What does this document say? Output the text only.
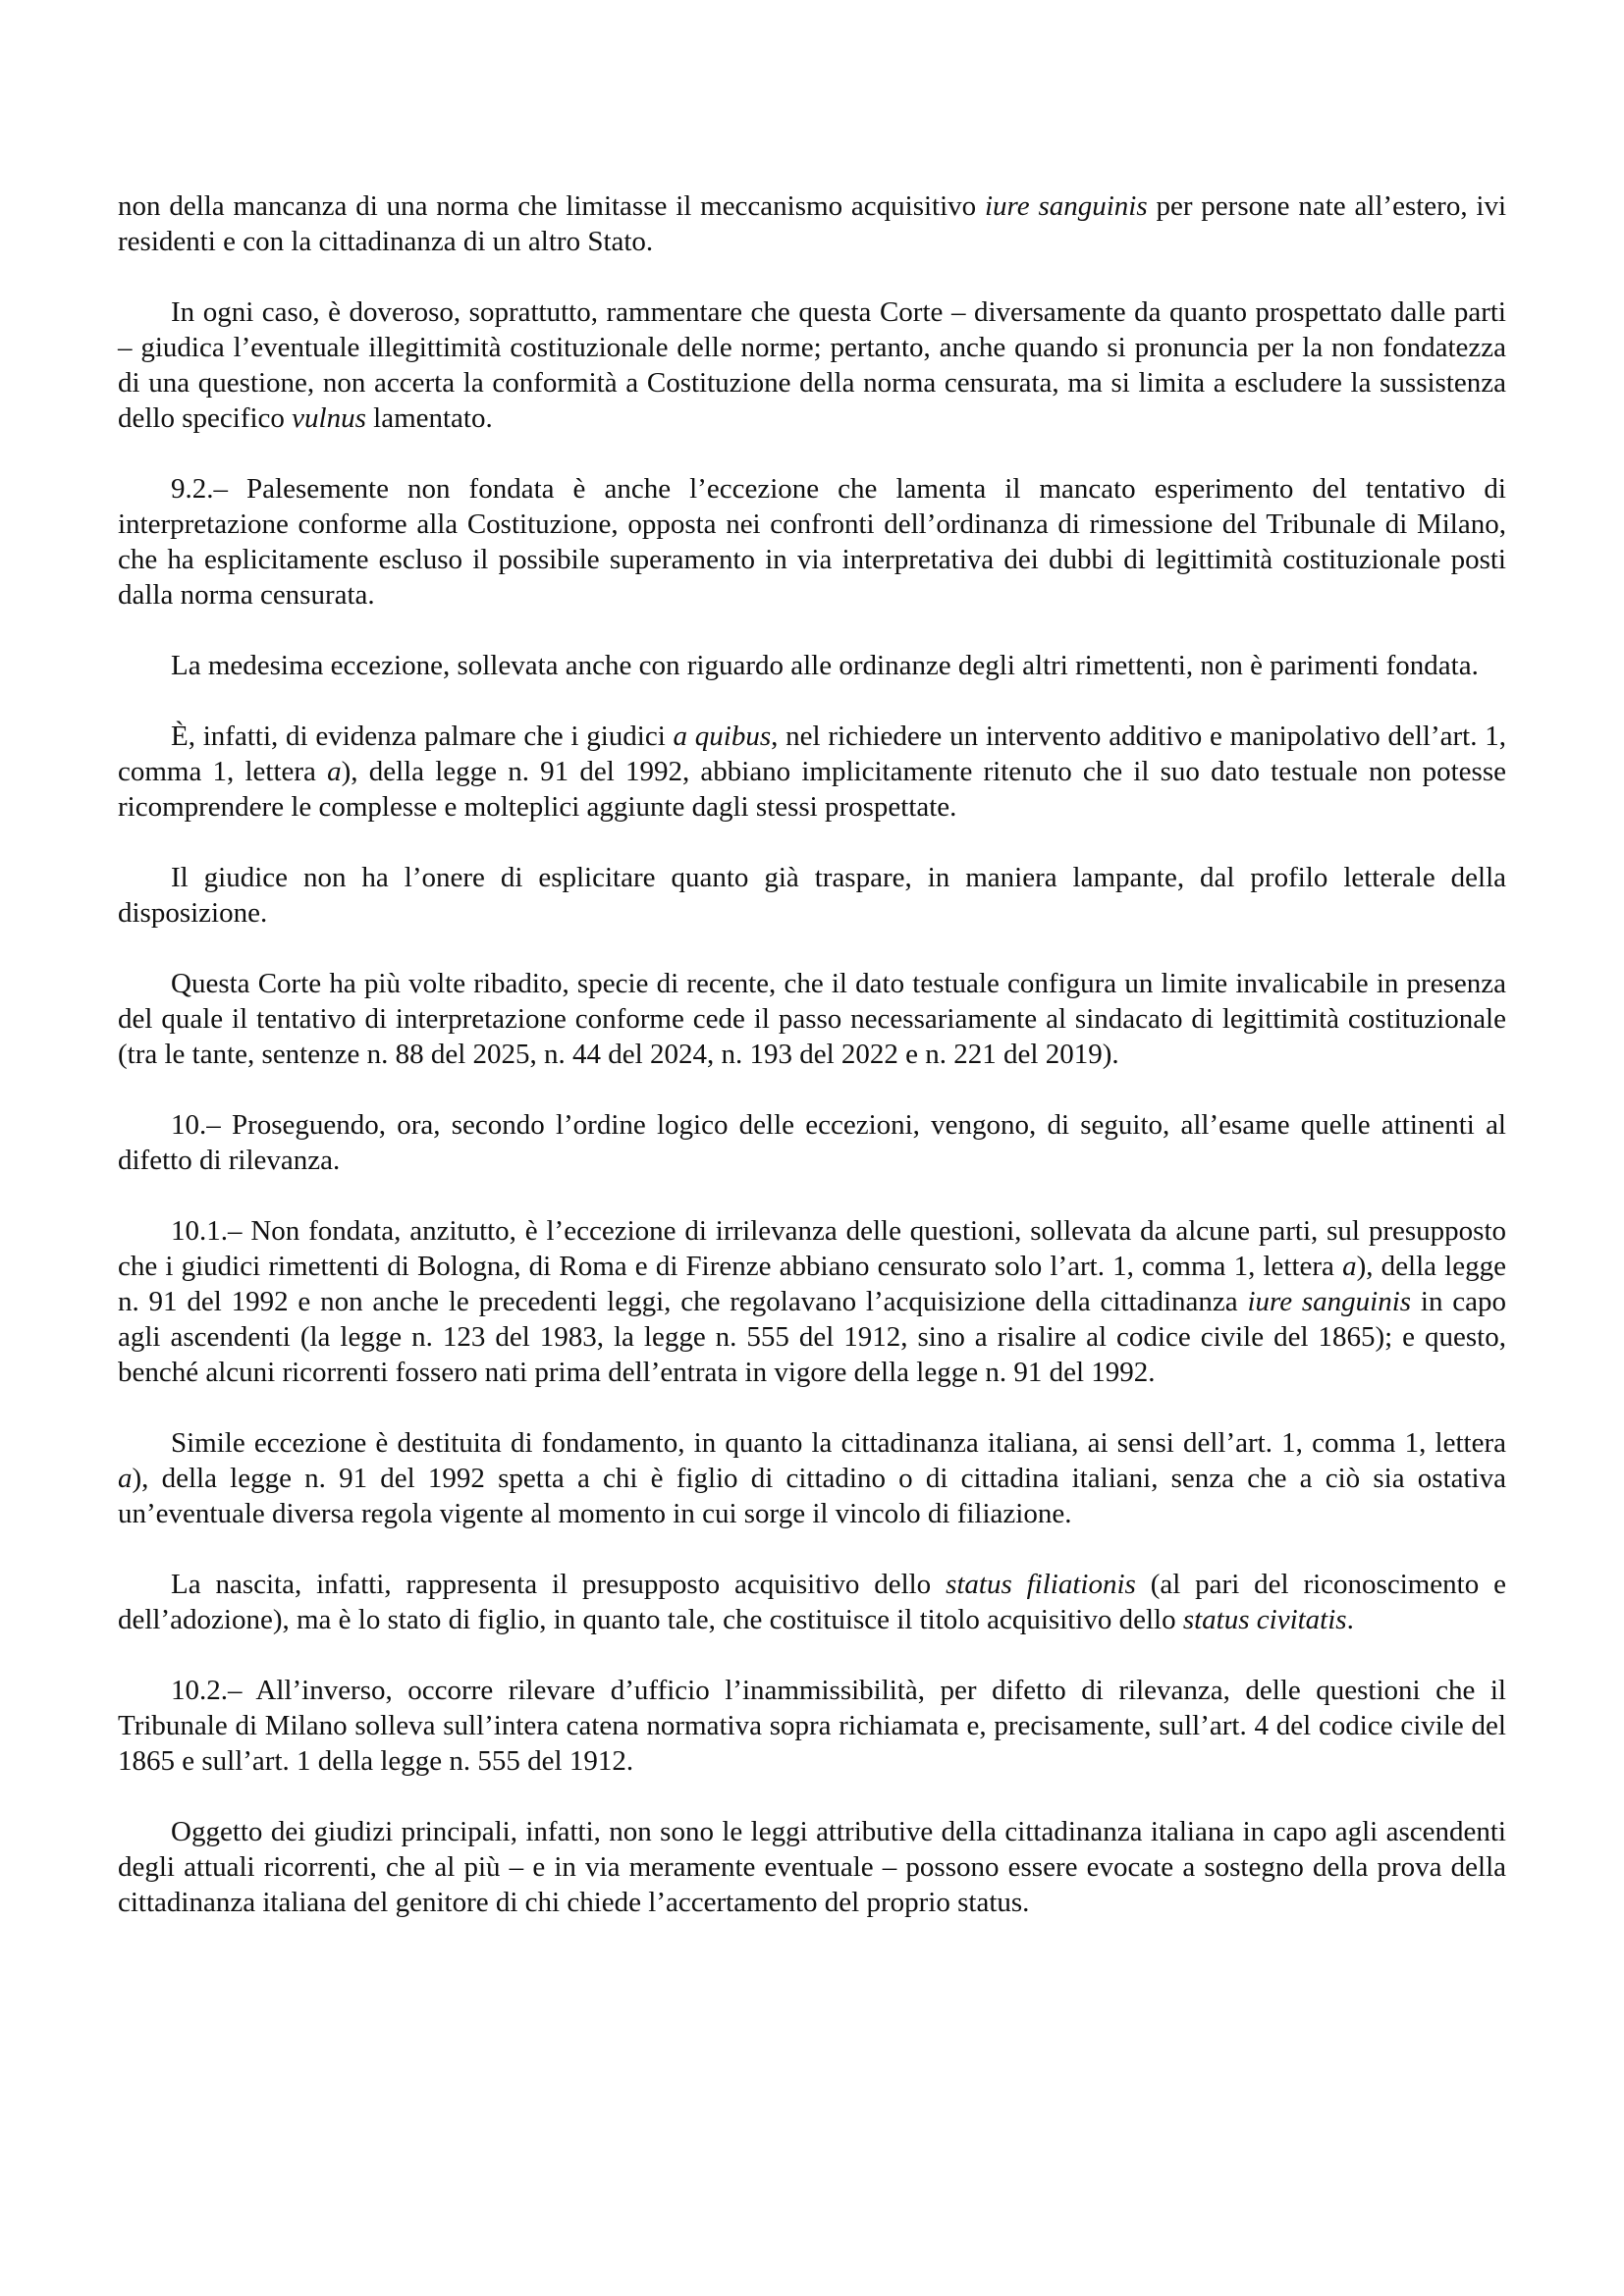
non della mancanza di una norma che limitasse il meccanismo acquisitivo iure sanguinis per persone nate all’estero, ivi residenti e con la cittadinanza di un altro Stato.

In ogni caso, è doveroso, soprattutto, rammentare che questa Corte – diversamente da quanto prospettato dalle parti – giudica l’eventuale illegittimità costituzionale delle norme; pertanto, anche quando si pronuncia per la non fondatezza di una questione, non accerta la conformità a Costituzione della norma censurata, ma si limita a escludere la sussistenza dello specifico vulnus lamentato.

9.2.– Palesemente non fondata è anche l’eccezione che lamenta il mancato esperimento del tentativo di interpretazione conforme alla Costituzione, opposta nei confronti dell’ordinanza di rimessione del Tribunale di Milano, che ha esplicitamente escluso il possibile superamento in via interpretativa dei dubbi di legittimità costituzionale posti dalla norma censurata.

La medesima eccezione, sollevata anche con riguardo alle ordinanze degli altri rimettenti, non è parimenti fondata.

È, infatti, di evidenza palmare che i giudici a quibus, nel richiedere un intervento additivo e manipolativo dell’art. 1, comma 1, lettera a), della legge n. 91 del 1992, abbiano implicitamente ritenuto che il suo dato testuale non potesse ricomprendere le complesse e molteplici aggiunte dagli stessi prospettate.

Il giudice non ha l’onere di esplicitare quanto già traspare, in maniera lampante, dal profilo letterale della disposizione.

Questa Corte ha più volte ribadito, specie di recente, che il dato testuale configura un limite invalicabile in presenza del quale il tentativo di interpretazione conforme cede il passo necessariamente al sindacato di legittimità costituzionale (tra le tante, sentenze n. 88 del 2025, n. 44 del 2024, n. 193 del 2022 e n. 221 del 2019).

10.– Proseguendo, ora, secondo l’ordine logico delle eccezioni, vengono, di seguito, all’esame quelle attinenti al difetto di rilevanza.

10.1.– Non fondata, anzitutto, è l’eccezione di irrilevanza delle questioni, sollevata da alcune parti, sul presupposto che i giudici rimettenti di Bologna, di Roma e di Firenze abbiano censurato solo l’art. 1, comma 1, lettera a), della legge n. 91 del 1992 e non anche le precedenti leggi, che regolavano l’acquisizione della cittadinanza iure sanguinis in capo agli ascendenti (la legge n. 123 del 1983, la legge n. 555 del 1912, sino a risalire al codice civile del 1865); e questo, benché alcuni ricorrenti fossero nati prima dell’entrata in vigore della legge n. 91 del 1992.

Simile eccezione è destituita di fondamento, in quanto la cittadinanza italiana, ai sensi dell’art. 1, comma 1, lettera a), della legge n. 91 del 1992 spetta a chi è figlio di cittadino o di cittadina italiani, senza che a ciò sia ostativa un’eventuale diversa regola vigente al momento in cui sorge il vincolo di filiazione.

La nascita, infatti, rappresenta il presupposto acquisitivo dello status filiationis (al pari del riconoscimento e dell’adozione), ma è lo stato di figlio, in quanto tale, che costituisce il titolo acquisitivo dello status civitatis.

10.2.– All’inverso, occorre rilevare d’ufficio l’inammissibilità, per difetto di rilevanza, delle questioni che il Tribunale di Milano solleva sull’intera catena normativa sopra richiamata e, precisamente, sull’art. 4 del codice civile del 1865 e sull’art. 1 della legge n. 555 del 1912.

Oggetto dei giudizi principali, infatti, non sono le leggi attributive della cittadinanza italiana in capo agli ascendenti degli attuali ricorrenti, che al più – e in via meramente eventuale – possono essere evocate a sostegno della prova della cittadinanza italiana del genitore di chi chiede l’accertamento del proprio status.
